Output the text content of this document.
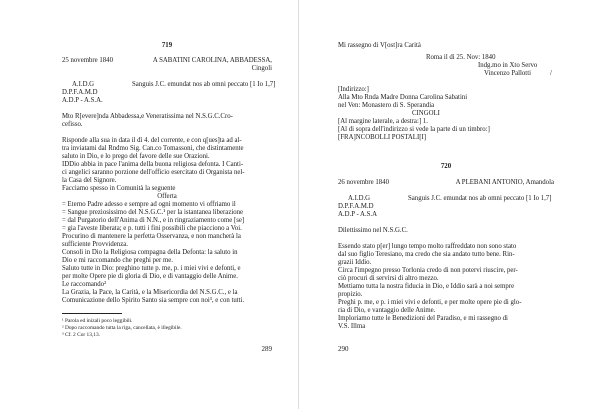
719
25 novembre 1840	A SABATINI CAROLINA, ABBADESSA,
Cingoli
A.I.D.G	Sanguis J.C. emundat nos ab omni peccato [1 Io 1,7]
D.P.F.A.M.D
A.D.P - A.S.A.
Mto R[evere]nda Abbadessa,e Veneratissima nel N.S.G.C.Cro-
cefisso.
Risponde alla sua in data il dì 4. del corrente, e con q[ues]ta ad al-
tra inviatami dal Rndmo Sig. Can.co Tomassoni, che distintamente
saluto in Dio, e lo prego del favore delle sue Orazioni.
IDDio abbia in pace l'anima della buona religiosa defonta. I Canti-
ci angelici saranno porzione dell'officio esercitato di Organista nel-
la Casa del Signore.
Facciamo spesso in Comunità la seguente
Offerta
= Eterno Padre adesso e sempre ad ogni momento vi offriamo il
= Sangue preziosissimo del N.S.G.C.¹ per la istantanea liberazione
= dal Purgatorio dell'Anima di N.N., e in ringraziamento come [se]
= gia l'aveste liberata; e p. tutti i fini possibili che piacciono a Voi.
Procurino di mantenere la perfetta Osservanza, e non mancherà la
sufficiente Provvidenza.
Consoli in Dio la Religiosa compagna della Defonta: la saluto in
Dio e mi raccomando che preghi per me.
Saluto tutte in Dio: preghino tutte p. me, p. i miei vivi e defonti, e
per molte Opere pie di gloria di Dio, e di vantaggio delle Anime.
Le raccomando²
La Grazia, la Pace, la Carità, e la Misericordia del N.S.G.C., e la
Comunicazione dello Spirito Santo sia sempre con noi³, e con tutti.
¹ Parola ed inizali poco leggibili.
² Dopo raccomando tutta la riga, cancellata, è illegibile.
³ Cf. 2 Cor 13,13.
289
Mi rassegno di V[ost]ra Carità
Roma il dì 25. Nov: 1840
Indg.mo in Xto Servo
Vincenzo Pallotti	/
[Indirizzo:]
Alla Mto Rnda Madre Donna Carolina Sabatini
nel Ven: Monastero di S. Sperandia
CINGOLI
[Al margine laterale, a destra:] 1.
[Al di sopra dell'indirizzo si vede la parte di un timbro:]
[FRA]NCOBOLLI POSTALI[I]
720
26 novembre 1840	A PLEBANI ANTONIO, Amandola
A.I.D.G	Sanguis J.C. emundat nos ab omni peccato [1 Io 1,7]
D.P.F.A.M.D
A.D.P - A.S.A
Dilettissimo nel N.S.G.C.
Essendo stato p[er] lungo tempo molto raffreddato non sono stato
dal suo figlio Teresiano, ma credo che sia andato tutto bene. Rin-
grazii Iddio.
Circa l'impegno presso Torlonia credo di non potervi riuscire, per-
ciò procuri di servirsi di altro mezzo.
Mettiamo tutta la nostra fiducia in Dio, e Iddio sarà a noi sempre
propizio.
Preghi p. me, e p. i miei vivi e defonti, e per molte opere pie di glo-
ria di Dio, e vantaggio delle Anime.
Imploriamo tutte le Benedizioni del Paradiso, e mi rassegno di
V.S. Illma
290
